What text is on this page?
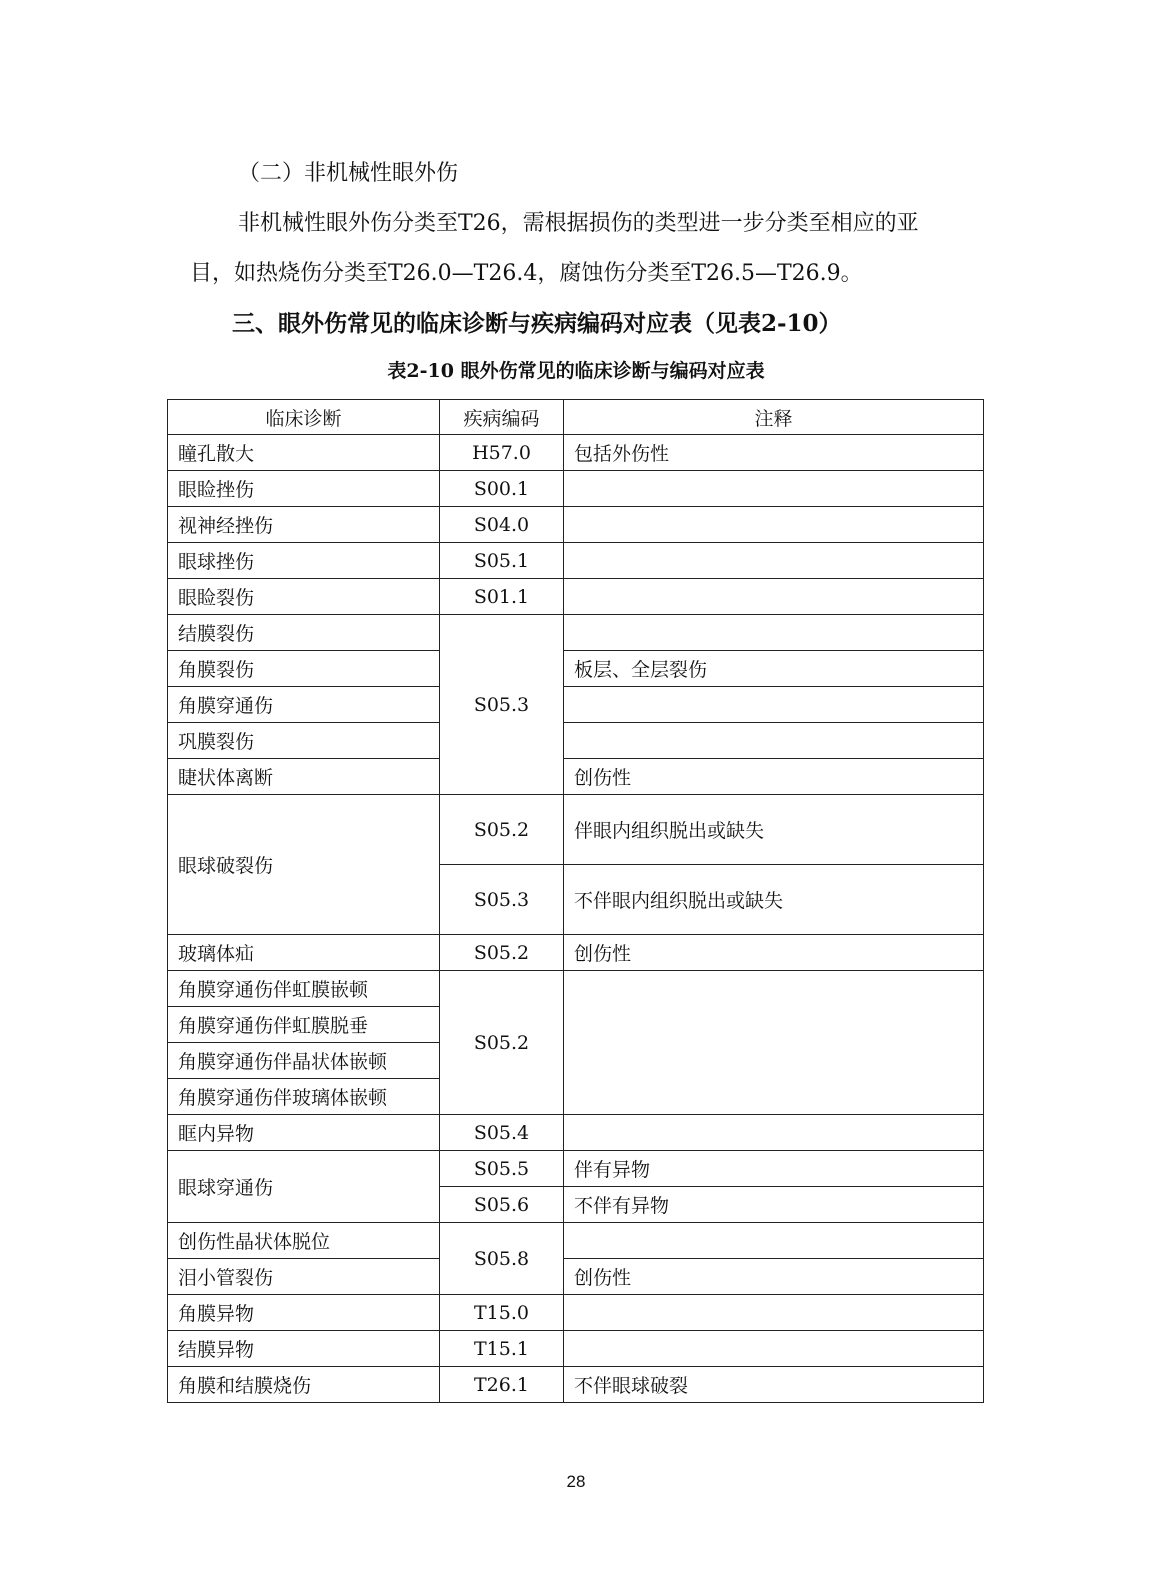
（二）非机械性眼外伤

非机械性眼外伤分类至T26，需根据损伤的类型进一步分类至相应的亚

目，如热烧伤分类至T26.0—T26.4，腐蚀伤分类至T26.5—T26.9。

三、眼外伤常见的临床诊断与疾病编码对应表（见表2-10）

表2-10 眼外伤常见的临床诊断与编码对应表
临床诊断	疾病编码	注释
瞳孔散大	H57.0	包括外伤性
眼睑挫伤	S00.1	
视神经挫伤	S04.0	
眼球挫伤	S05.1	
眼睑裂伤	S01.1	
结膜裂伤	S05.3	
角膜裂伤		板层、全层裂伤
角膜穿通伤		
巩膜裂伤		
睫状体离断		创伤性
眼球破裂伤	S05.2	伴眼内组织脱出或缺失
	S05.3	不伴眼内组织脱出或缺失
玻璃体疝	S05.2	创伤性
角膜穿通伤伴虹膜嵌顿	S05.2	
角膜穿通伤伴虹膜脱垂		
角膜穿通伤伴晶状体嵌顿		
角膜穿通伤伴玻璃体嵌顿		
眶内异物	S05.4	
眼球穿通伤	S05.5	伴有异物
	S05.6	不伴有异物
创伤性晶状体脱位	S05.8	
泪小管裂伤		创伤性
角膜异物	T15.0	
结膜异物	T15.1	
角膜和结膜烧伤	T26.1	不伴眼球破裂
28
